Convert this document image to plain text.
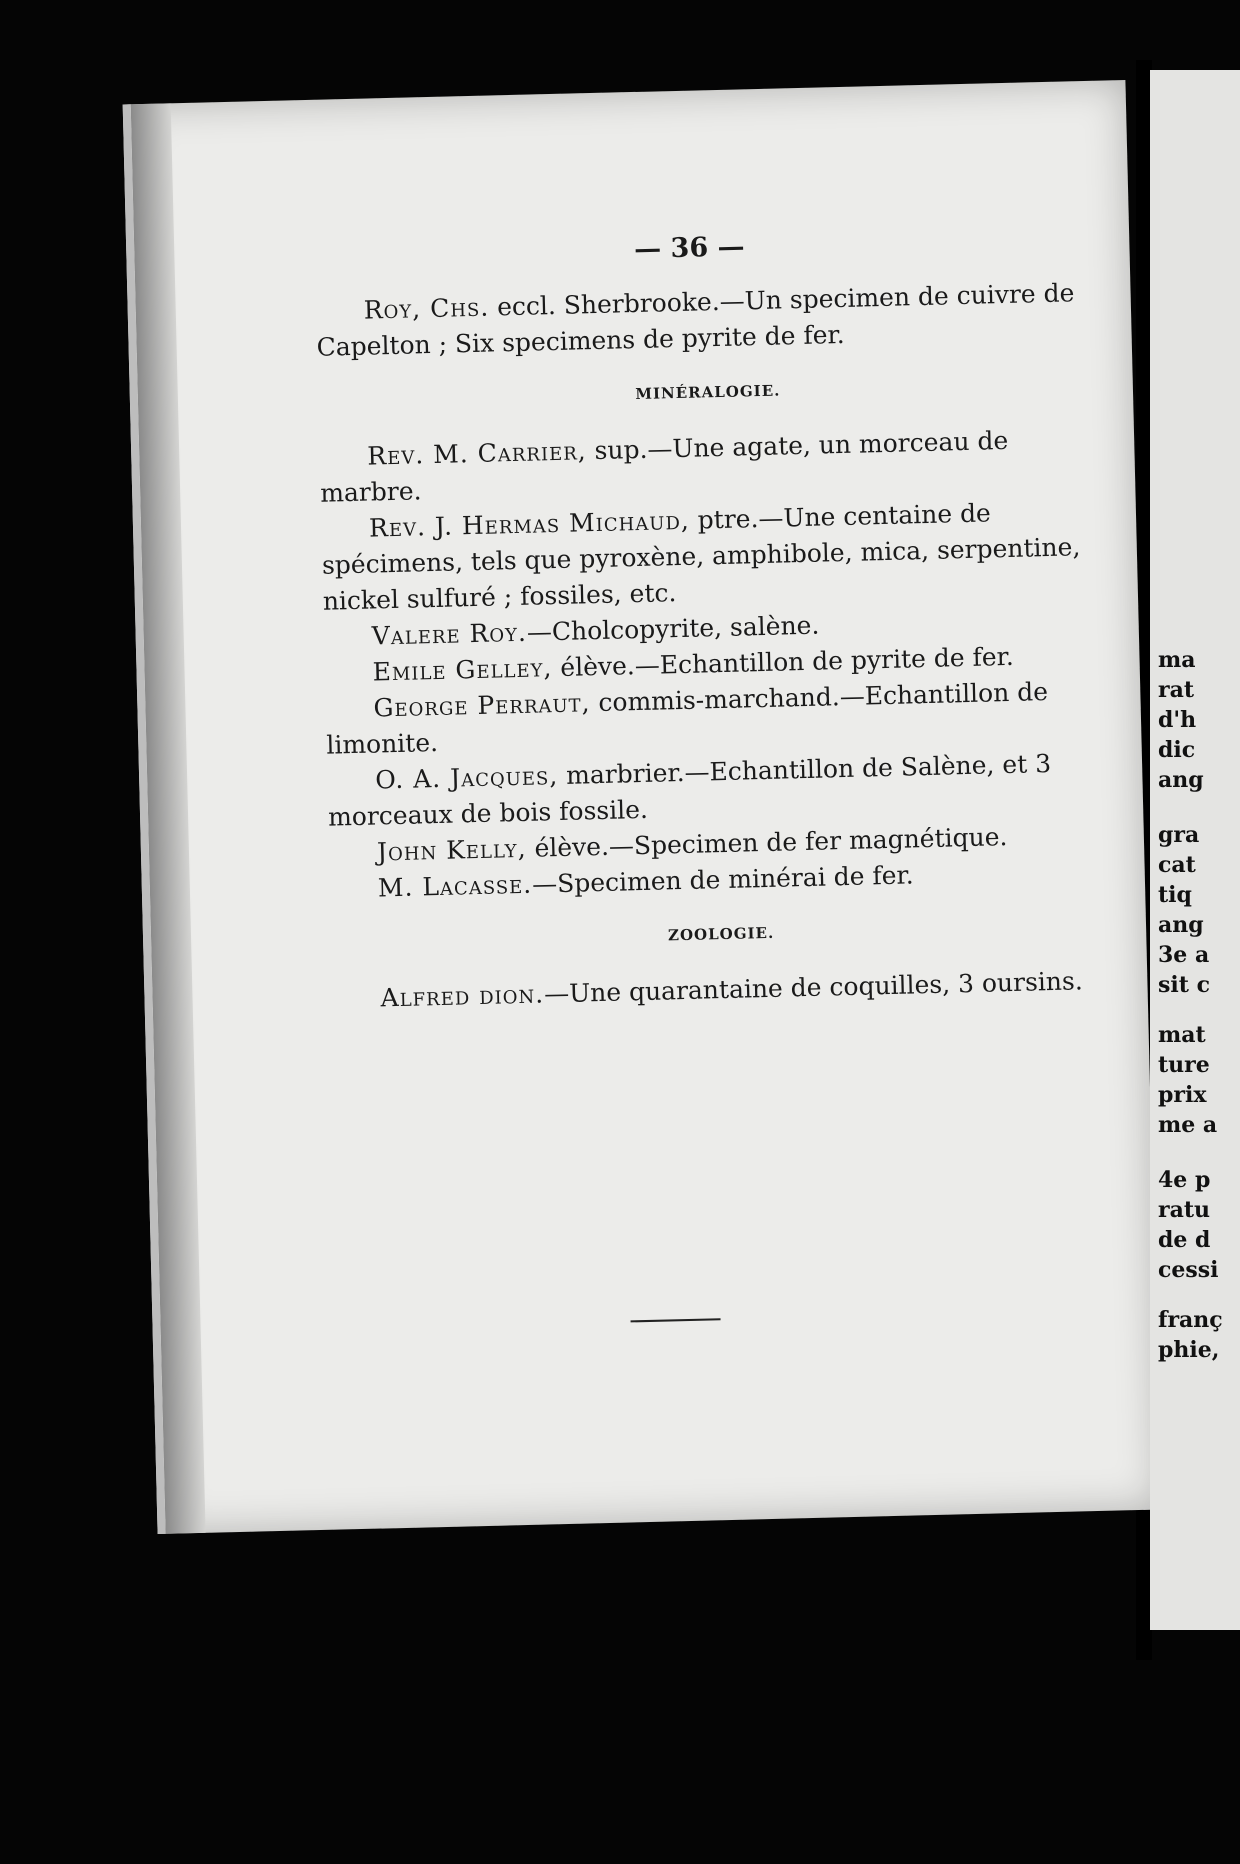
— 36 —

Roy, Chs. eccl. Sherbrooke.—Un specimen de cuivre de Capelton ; Six specimens de pyrite de fer.

MINÉRALOGIE.

Rev. M. Carrier, sup.—Une agate, un morceau de marbre.

Rev. J. Hermas Michaud, ptre.—Une centaine de spécimens, tels que pyroxène, amphibole, mica, serpentine, nickel sulfuré ; fossiles, etc.

Valere Roy.—Cholcopyrite, salène.

Emile Gelley, élève.—Echantillon de pyrite de fer.

George Perraut, commis-marchand.—Echantillon de limonite.

O. A. Jacques, marbrier.—Echantillon de Salène, et 3 morceaux de bois fossile.

John Kelly, élève.—Specimen de fer magnétique.

M. Lacasse.—Specimen de minérai de fer.

ZOOLOGIE.

Alfred dion.—Une quarantaine de coquilles, 3 oursins.

ma
rat
d'h
dic
ang
gra
cat
tiq
ang
3e a
sit c
mat
ture
prix
me a
4e p
ratu
de d
cessi
franç
phie,
